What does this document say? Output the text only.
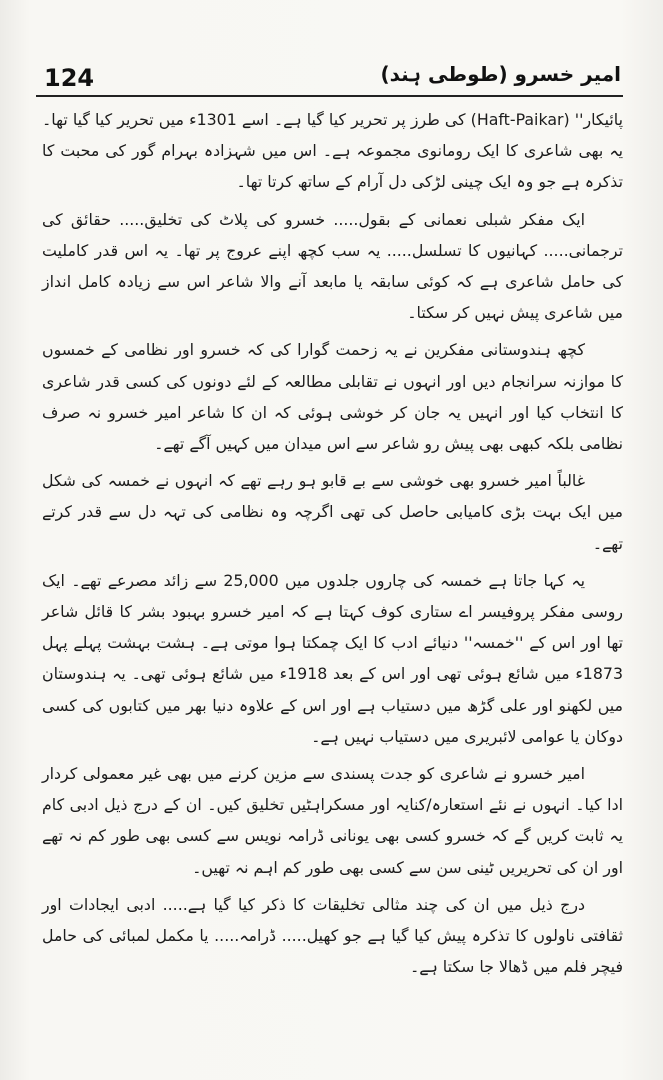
124	امیر خسرو (طوطی ہند)

پائیکار'' (Haft-Paikar) کی طرز پر تحریر کیا گیا ہے۔ اسے 1301ء میں تحریر کیا گیا تھا۔ یہ بھی شاعری کا ایک رومانوی مجموعہ ہے۔ اس میں شہزادہ بہرام گور کی محبت کا تذکرہ ہے جو وہ ایک چینی لڑکی دل آرام کے ساتھ کرتا تھا۔

ایک مفکر شبلی نعمانی کے بقول..... خسرو کی پلاٹ کی تخلیق..... حقائق کی ترجمانی..... کہانیوں کا تسلسل..... یہ سب کچھ اپنے عروج پر تھا۔ یہ اس قدر کاملیت کی حامل شاعری ہے کہ کوئی سابقہ یا مابعد آنے والا شاعر اس سے زیادہ کامل انداز میں شاعری پیش نہیں کر سکتا۔

کچھ ہندوستانی مفکرین نے یہ زحمت گوارا کی کہ خسرو اور نظامی کے خمسوں کا موازنہ سرانجام دیں اور انہوں نے تقابلی مطالعہ کے لئے دونوں کی کسی قدر شاعری کا انتخاب کیا اور انہیں یہ جان کر خوشی ہوئی کہ ان کا شاعر امیر خسرو نہ صرف نظامی بلکہ کبھی بھی پیش رو شاعر سے اس میدان میں کہیں آگے تھے۔

غالباً امیر خسرو بھی خوشی سے بے قابو ہو رہے تھے کہ انہوں نے خمسہ کی شکل میں ایک بہت بڑی کامیابی حاصل کی تھی اگرچہ وہ نظامی کی تہہ دل سے قدر کرتے تھے۔

یہ کہا جاتا ہے خمسہ کی چاروں جلدوں میں 25,000 سے زائد مصرعے تھے۔ ایک روسی مفکر پروفیسر اے ستاری کوف کہتا ہے کہ امیر خسرو بہبود بشر کا قائل شاعر تھا اور اس کے ''خمسہ'' دنیائے ادب کا ایک چمکتا ہوا موتی ہے۔ ہشت بہشت پہلے پہل 1873ء میں شائع ہوئی تھی اور اس کے بعد 1918ء میں شائع ہوئی تھی۔ یہ ہندوستان میں لکھنو اور علی گڑھ میں دستیاب ہے اور اس کے علاوہ دنیا بھر میں کتابوں کی کسی دوکان یا عوامی لائبریری میں دستیاب نہیں ہے۔

امیر خسرو نے شاعری کو جدت پسندی سے مزین کرنے میں بھی غیر معمولی کردار ادا کیا۔ انہوں نے نئے استعارہ/کنایہ اور مسکراہٹیں تخلیق کیں۔ ان کے درج ذیل ادبی کام یہ ثابت کریں گے کہ خسرو کسی بھی یونانی ڈرامہ نویس سے کسی بھی طور کم نہ تھے اور ان کی تحریریں ٹینی سن سے کسی بھی طور کم اہم نہ تھیں۔

درج ذیل میں ان کی چند مثالی تخلیقات کا ذکر کیا گیا ہے..... ادبی ایجادات اور ثقافتی ناولوں کا تذکرہ پیش کیا گیا ہے جو کھیل..... ڈرامہ..... یا مکمل لمبائی کی حامل فیچر فلم میں ڈھالا جا سکتا ہے۔
